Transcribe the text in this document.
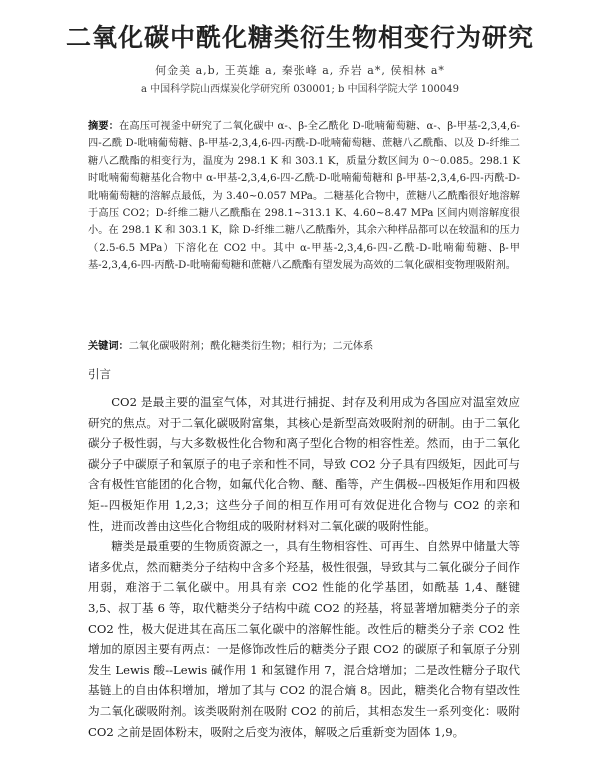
二氧化碳中酰化糖类衍生物相变行为研究
何金美 a,b, 王英雄 a, 秦张峰 a, 乔岩 a*, 侯相林 a*
a 中国科学院山西煤炭化学研究所 030001; b 中国科学院大学 100049
摘要：在高压可视釜中研究了二氧化碳中 α-、β-全乙酰化 D-吡喃葡萄糖、α-、β-甲基-2,3,4,6-四-乙酰 D-吡喃葡萄糖、β-甲基-2,3,4,6-四-丙酰-D-吡喃葡萄糖、蔗糖八乙酰酯、以及 D-纤维二糖八乙酰酯的相变行为，温度为 298.1 K 和 303.1 K，质量分数区间为 0～0.085。298.1 K 时吡喃葡萄糖基化合物中 α-甲基-2,3,4,6-四-乙酰-D-吡喃葡萄糖和 β-甲基-2,3,4,6-四-丙酰-D-吡喃葡萄糖的溶解点最低，为 3.40~0.057 MPa。二糖基化合物中，蔗糖八乙酰酯很好地溶解于高压 CO2；D-纤维二糖八乙酰酯在 298.1~313.1 K、4.60~8.47 MPa 区间内则溶解度很小。在 298.1 K 和 303.1 K，除 D-纤维二糖八乙酰酯外，其余六种样品都可以在较温和的压力（2.5-6.5 MPa）下溶化在 CO2 中。其中 α-甲基-2,3,4,6-四-乙酰-D-吡喃葡萄糖、β-甲基-2,3,4,6-四-丙酰-D-吡喃葡萄糖和蔗糖八乙酰酯有望发展为高效的二氧化碳相变物理吸附剂。
关键词：二氧化碳吸附剂；酰化糖类衍生物；相行为；二元体系
引言

CO2 是最主要的温室气体，对其进行捕捉、封存及利用成为各国应对温室效应研究的焦点。对于二氧化碳吸附富集，其核心是新型高效吸附剂的研制。由于二氧化碳分子极性弱，与大多数极性化合物和离子型化合物的相容性差。然而，由于二氧化碳分子中碳原子和氧原子的电子亲和性不同，导致 CO2 分子具有四级矩，因此可与含有极性官能团的化合物，如氟代化合物、醚、酯等，产生偶极--四极矩作用和四极矩--四极矩作用 1,2,3；这些分子间的相互作用可有效促进化合物与 CO2 的亲和性，进而改善由这些化合物组成的吸附材料对二氧化碳的吸附性能。

糖类是最重要的生物质资源之一，具有生物相容性、可再生、自然界中储量大等诸多优点，然而糖类分子结构中含多个羟基，极性很强，导致其与二氧化碳分子间作用弱，难溶于二氧化碳中。用具有亲 CO2 性能的化学基团，如酰基 1,4、醚键 3,5、叔丁基 6 等，取代糖类分子结构中疏 CO2 的羟基，将显著增加糖类分子的亲 CO2 性，极大促进其在高压二氧化碳中的溶解性能。改性后的糖类分子亲 CO2 性增加的原因主要有两点：一是修饰改性后的糖类分子跟 CO2 的碳原子和氧原子分别发生 Lewis 酸--Lewis 碱作用 1 和氢键作用 7，混合焓增加；二是改性糖分子取代基链上的自由体积增加，增加了其与 CO2 的混合熵 8。因此，糖类化合物有望改性为二氧化碳吸附剂。该类吸附剂在吸附 CO2 的前后，其相态发生一系列变化：吸附 CO2 之前是固体粉末，吸附之后变为液体，解吸之后重新变为固体 1,9。
